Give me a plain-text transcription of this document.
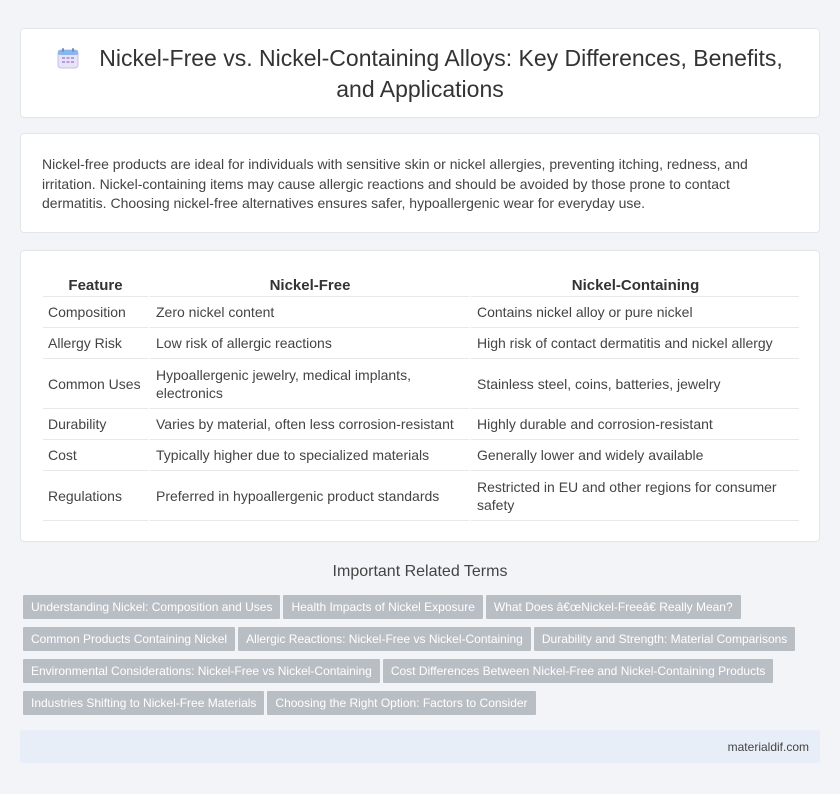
Nickel-Free vs. Nickel-Containing Alloys: Key Differences, Benefits, and Applications

Nickel-free products are ideal for individuals with sensitive skin or nickel allergies, preventing itching, redness, and irritation. Nickel-containing items may cause allergic reactions and should be avoided by those prone to contact dermatitis. Choosing nickel-free alternatives ensures safer, hypoallergenic wear for everyday use.

Feature	Nickel-Free	Nickel-Containing
Composition	Zero nickel content	Contains nickel alloy or pure nickel
Allergy Risk	Low risk of allergic reactions	High risk of contact dermatitis and nickel allergy
Common Uses	Hypoallergenic jewelry, medical implants, electronics	Stainless steel, coins, batteries, jewelry
Durability	Varies by material, often less corrosion-resistant	Highly durable and corrosion-resistant
Cost	Typically higher due to specialized materials	Generally lower and widely available
Regulations	Preferred in hypoallergenic product standards	Restricted in EU and other regions for consumer safety
Important Related Terms
Understanding Nickel: Composition and Uses Health Impacts of Nickel Exposure What Does â€œNickel-Freeâ€ Really Mean?
Common Products Containing Nickel Allergic Reactions: Nickel-Free vs Nickel-Containing Durability and Strength: Material Comparisons
Environmental Considerations: Nickel-Free vs Nickel-Containing Cost Differences Between Nickel-Free and Nickel-Containing Products
Industries Shifting to Nickel-Free Materials Choosing the Right Option: Factors to Consider
materialdif.com
